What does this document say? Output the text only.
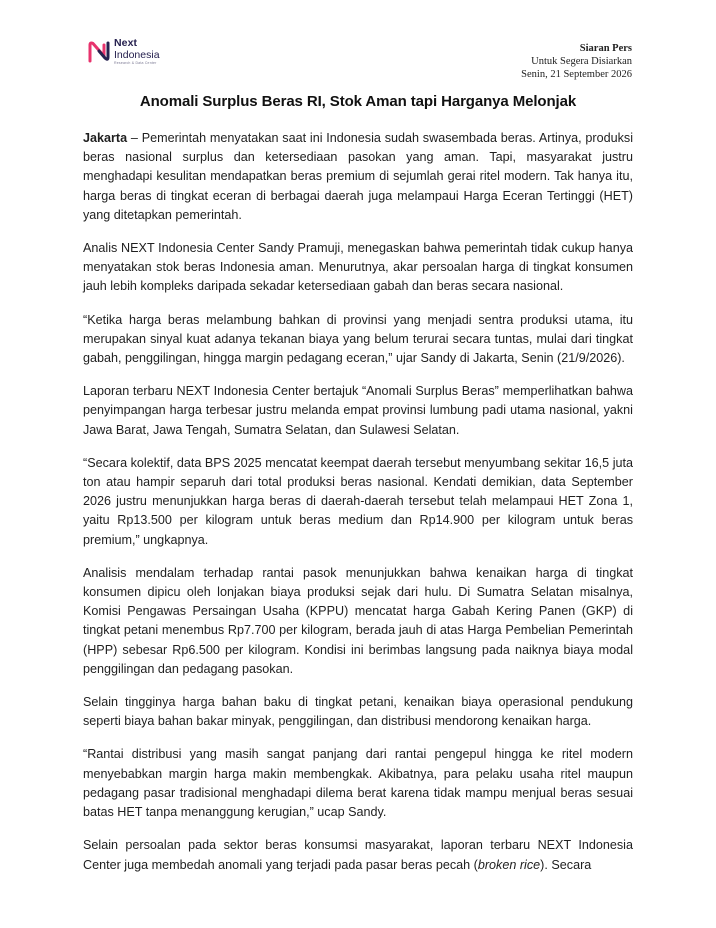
Next
Indonesia
Research & Data Center
Siaran Pers
Untuk Segera Disiarkan
Senin, 21 September 2026
Anomali Surplus Beras RI, Stok Aman tapi Harganya Melonjak

Jakarta – Pemerintah menyatakan saat ini Indonesia sudah swasembada beras. Artinya, produksi beras nasional surplus dan ketersediaan pasokan yang aman. Tapi, masyarakat justru menghadapi kesulitan mendapatkan beras premium di sejumlah gerai ritel modern. Tak hanya itu, harga beras di tingkat eceran di berbagai daerah juga melampaui Harga Eceran Tertinggi (HET) yang ditetapkan pemerintah.

Analis NEXT Indonesia Center Sandy Pramuji, menegaskan bahwa pemerintah tidak cukup hanya menyatakan stok beras Indonesia aman. Menurutnya, akar persoalan harga di tingkat konsumen jauh lebih kompleks daripada sekadar ketersediaan gabah dan beras secara nasional.

“Ketika harga beras melambung bahkan di provinsi yang menjadi sentra produksi utama, itu merupakan sinyal kuat adanya tekanan biaya yang belum terurai secara tuntas, mulai dari tingkat gabah, penggilingan, hingga margin pedagang eceran,” ujar Sandy di Jakarta, Senin (21/9/2026).

Laporan terbaru NEXT Indonesia Center bertajuk “Anomali Surplus Beras” memperlihatkan bahwa penyimpangan harga terbesar justru melanda empat provinsi lumbung padi utama nasional, yakni Jawa Barat, Jawa Tengah, Sumatra Selatan, dan Sulawesi Selatan.

“Secara kolektif, data BPS 2025 mencatat keempat daerah tersebut menyumbang sekitar 16,5 juta ton atau hampir separuh dari total produksi beras nasional. Kendati demikian, data September 2026 justru menunjukkan harga beras di daerah-daerah tersebut telah melampaui HET Zona 1, yaitu Rp13.500 per kilogram untuk beras medium dan Rp14.900 per kilogram untuk beras premium,” ungkapnya.

Analisis mendalam terhadap rantai pasok menunjukkan bahwa kenaikan harga di tingkat konsumen dipicu oleh lonjakan biaya produksi sejak dari hulu. Di Sumatra Selatan misalnya, Komisi Pengawas Persaingan Usaha (KPPU) mencatat harga Gabah Kering Panen (GKP) di tingkat petani menembus Rp7.700 per kilogram, berada jauh di atas Harga Pembelian Pemerintah (HPP) sebesar Rp6.500 per kilogram. Kondisi ini berimbas langsung pada naiknya biaya modal penggilingan dan pedagang pasokan.

Selain tingginya harga bahan baku di tingkat petani, kenaikan biaya operasional pendukung seperti biaya bahan bakar minyak, penggilingan, dan distribusi mendorong kenaikan harga.

“Rantai distribusi yang masih sangat panjang dari rantai pengepul hingga ke ritel modern menyebabkan margin harga makin membengkak. Akibatnya, para pelaku usaha ritel maupun pedagang pasar tradisional menghadapi dilema berat karena tidak mampu menjual beras sesuai batas HET tanpa menanggung kerugian,” ucap Sandy.

Selain persoalan pada sektor beras konsumsi masyarakat, laporan terbaru NEXT Indonesia Center juga membedah anomali yang terjadi pada pasar beras pecah (broken rice). Secara
